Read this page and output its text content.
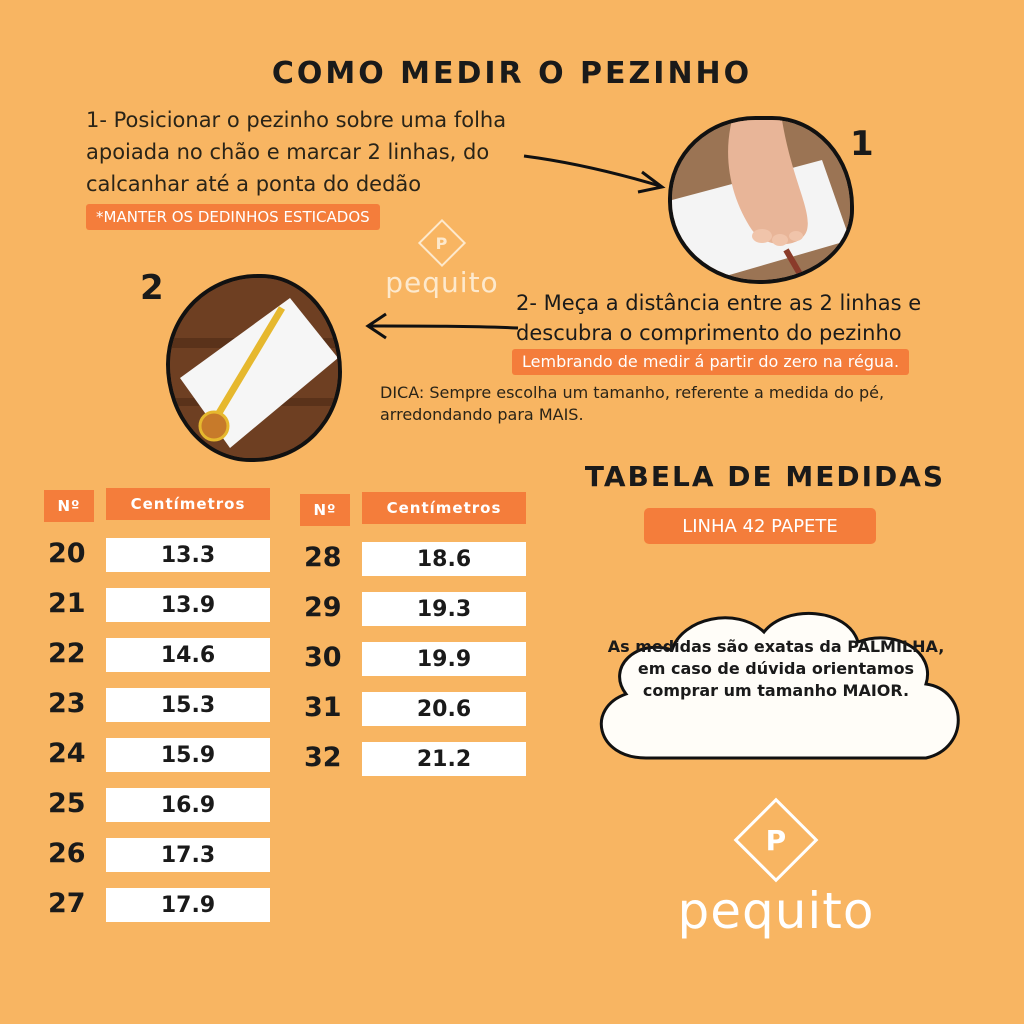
COMO MEDIR O PEZINHO
1- Posicionar o pezinho sobre uma folha apoiada no chão e marcar 2 linhas, do calcanhar até a ponta do dedão *MANTER OS DEDINHOS ESTICADOS
1
P
pequito
2	2- Meça a distância entre as 2 linhas e descubra o comprimento do pezinho
Lembrando de medir á partir do zero na régua.
DICA: Sempre escolha um tamanho, referente a medida do pé, arredondando para MAIS.
TABELA DE MEDIDAS
LINHA 42 PAPETE
Nº	Centímetros
20	13.3
21	13.9
22	14.6
23	15.3
24	15.9
25	16.9
26	17.3
27	17.9
Nº	Centímetros
28	18.6
29	19.3
30	19.9
31	20.6
32	21.2
As medidas são exatas da PALMILHA, em caso de dúvida orientamos comprar um tamanho MAIOR.
P
pequito
